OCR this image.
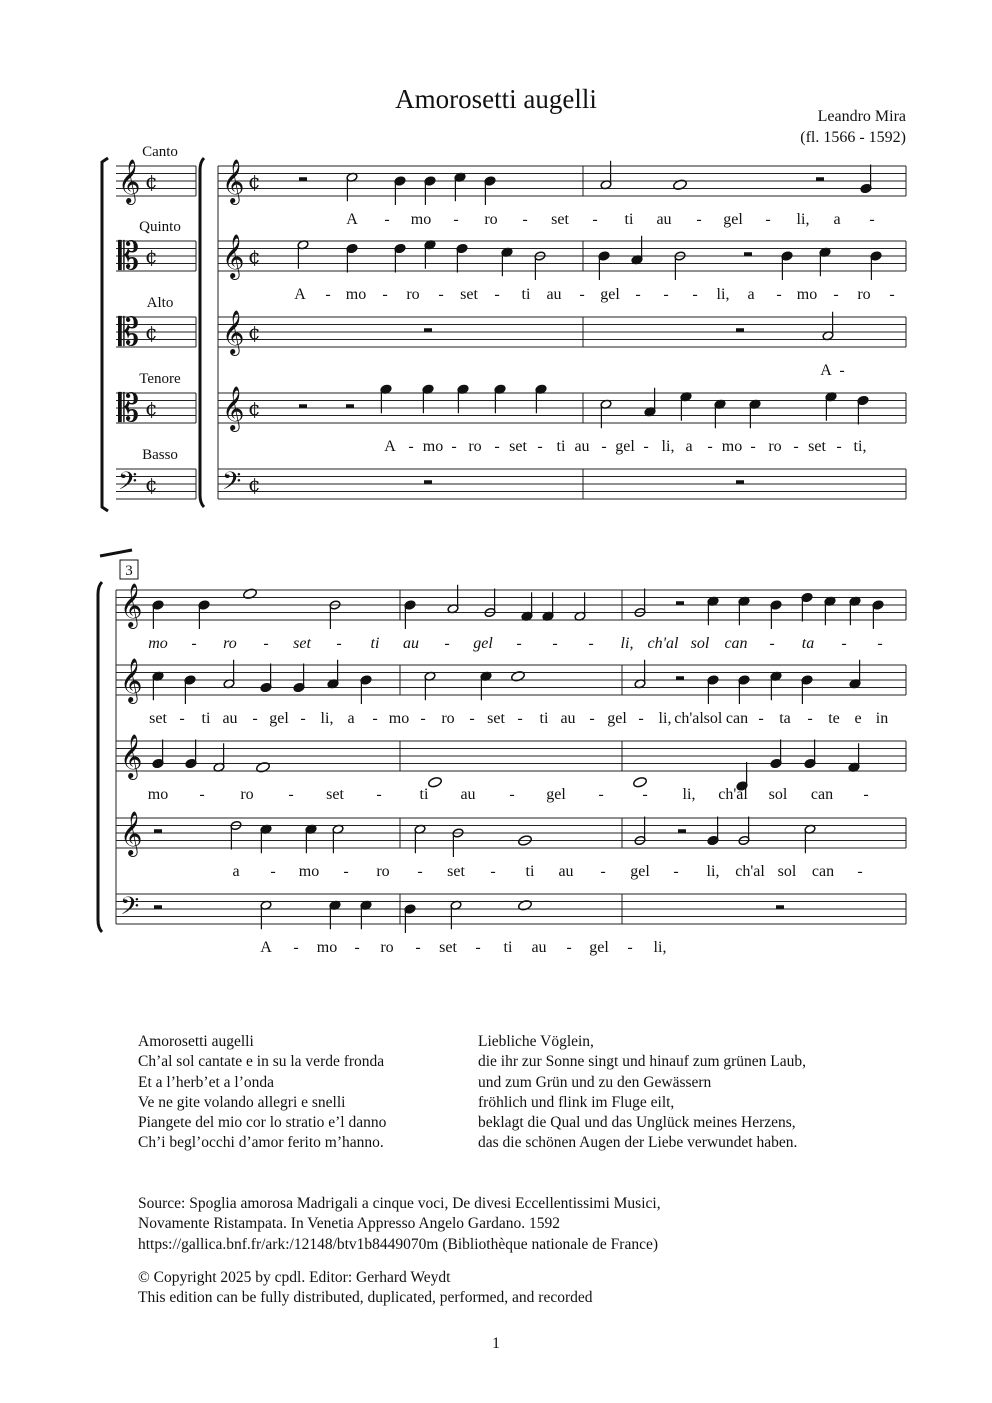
Amorosetti augelli
Leandro Mira
(fl. 1566 - 1592)
𝄞 ¢
Canto
𝄡 ¢
Quinto
𝄡 ¢
Alto
𝄡 ¢
Tenore
𝄢 ¢
Basso
𝄞 ¢
A - mo - ro - set - ti au - gel - li, a -
𝄞 ¢
A - mo - ro - set - ti au - gel - - - li, a - mo - ro -
𝄞 ¢
A -
𝄞 ¢
A - mo - ro - set - ti au - gel - li, a - mo - ro - set - ti,
𝄢 ¢
3
𝄞
mo - ro - set - ti au - gel - - - li, ch'al sol can - ta - -
𝄞
set - ti au - gel - li, a - mo - ro - set - ti au - gel - li, ch'al sol can - ta - te e in
𝄞
mo - ro - set - ti au - gel - - li, ch'al sol can -
𝄞
a - mo - ro - set - ti au - gel - li, ch'al sol can -
𝄢
A - mo - ro - set - ti au - gel - li,
Amorosetti augelli
Ch’al sol cantate e in su la verde fronda
Et a l’herb’et a l’onda
Ve ne gite volando allegri e snelli
Piangete del mio cor lo stratio e’l danno
Ch’i begl’occhi d’amor ferito m’hanno.
Liebliche Vöglein,
die ihr zur Sonne singt und hinauf zum grünen Laub,
und zum Grün und zu den Gewässern
fröhlich und flink im Fluge eilt,
beklagt die Qual und das Unglück meines Herzens,
das die schönen Augen der Liebe verwundet haben.
Source: Spoglia amorosa Madrigali a cinque voci, De divesi Eccellentissimi Musici,
Novamente Ristampata. In Venetia Appresso Angelo Gardano. 1592
https://gallica.bnf.fr/ark:/12148/btv1b8449070m (Bibliothèque nationale de France)
© Copyright 2025 by cpdl. Editor: Gerhard Weydt
This edition can be fully distributed, duplicated, performed, and recorded
1
